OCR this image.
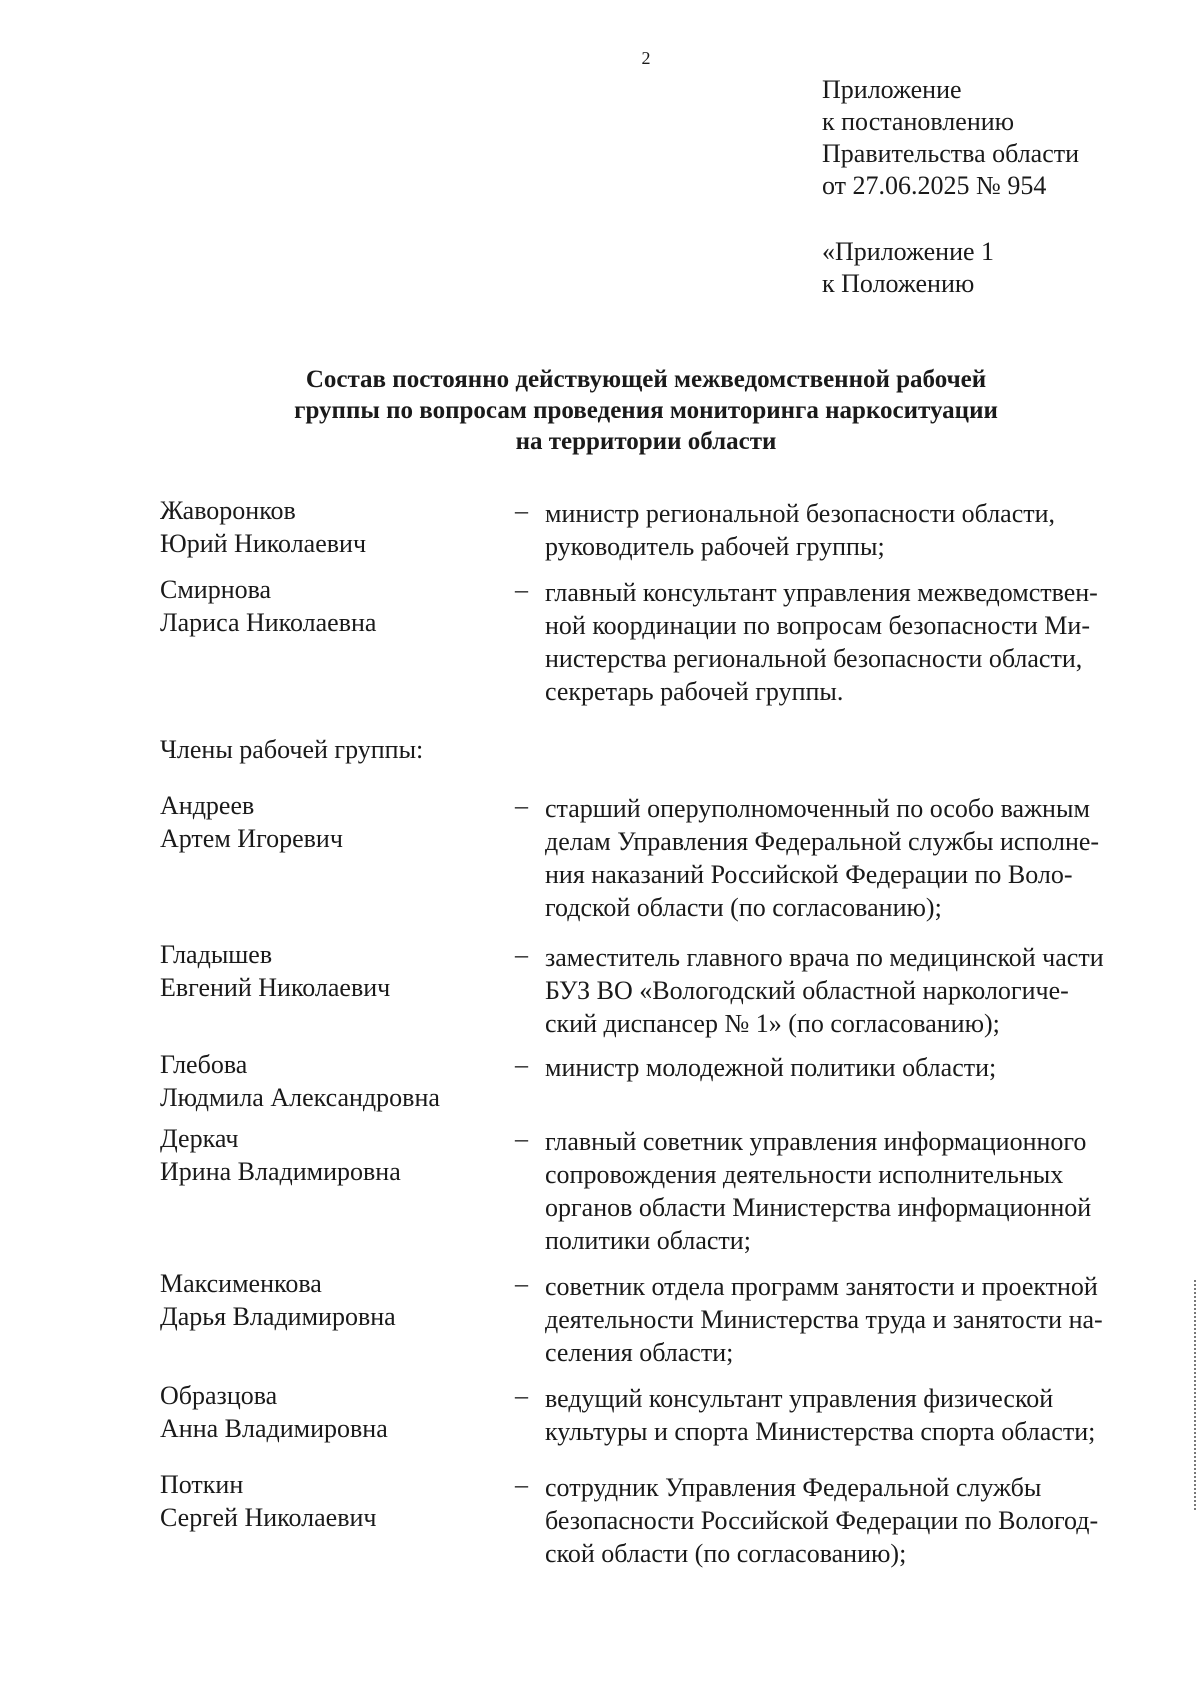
2
Приложение
к постановлению
Правительства области
от 27.06.2025 № 954
«Приложение 1
к Положению
Состав постоянно действующей межведомственной рабочей
группы по вопросам проведения мониторинга наркоситуации
на территории области
Жаворонков
Юрий Николаевич
– министр региональной безопасности области,
руководитель рабочей группы;
Смирнова
Лариса Николаевна
– главный консультант управления межведомствен-
ной координации по вопросам безопасности Ми-
нистерства региональной безопасности области,
секретарь рабочей группы.
Члены рабочей группы:
Андреев
Артем Игоревич
– старший оперуполномоченный по особо важным
делам Управления Федеральной службы исполне-
ния наказаний Российской Федерации по Воло-
годской области (по согласованию);
Гладышев
Евгений Николаевич
– заместитель главного врача по медицинской части
БУЗ ВО «Вологодский областной наркологиче-
ский диспансер № 1» (по согласованию);
Глебова
Людмила Александровна
– министр молодежной политики области;
Деркач
Ирина Владимировна
– главный советник управления информационного
сопровождения деятельности исполнительных
органов области Министерства информационной
политики области;
Максименкова
Дарья Владимировна
– советник отдела программ занятости и проектной
деятельности Министерства труда и занятости на-
селения области;
Образцова
Анна Владимировна
– ведущий консультант управления физической
культуры и спорта Министерства спорта области;
Поткин
Сергей Николаевич
– сотрудник Управления Федеральной службы
безопасности Российской Федерации по Вологод-
ской области (по согласованию);
